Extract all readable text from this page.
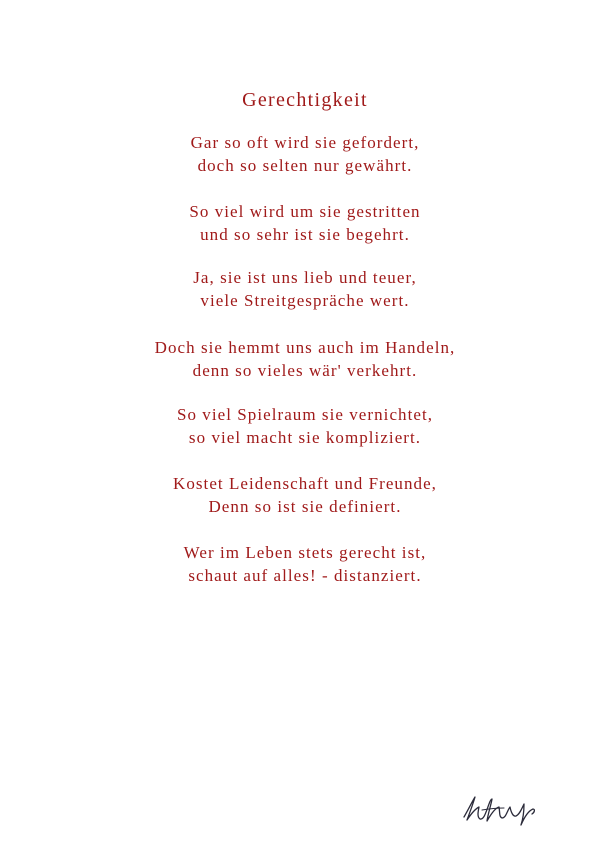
Gerechtigkeit
Gar so oft wird sie gefordert,
doch so selten nur gewährt.
So viel wird um sie gestritten
und so sehr ist sie begehrt.
Ja, sie ist uns lieb und teuer,
viele Streitgespräche wert.
Doch sie hemmt uns auch im Handeln,
denn so vieles wär' verkehrt.
So viel Spielraum sie vernichtet,
so viel macht sie kompliziert.
Kostet Leidenschaft und Freunde,
Denn so ist sie definiert.
Wer im Leben stets gerecht ist,
schaut auf alles! - distanziert.
